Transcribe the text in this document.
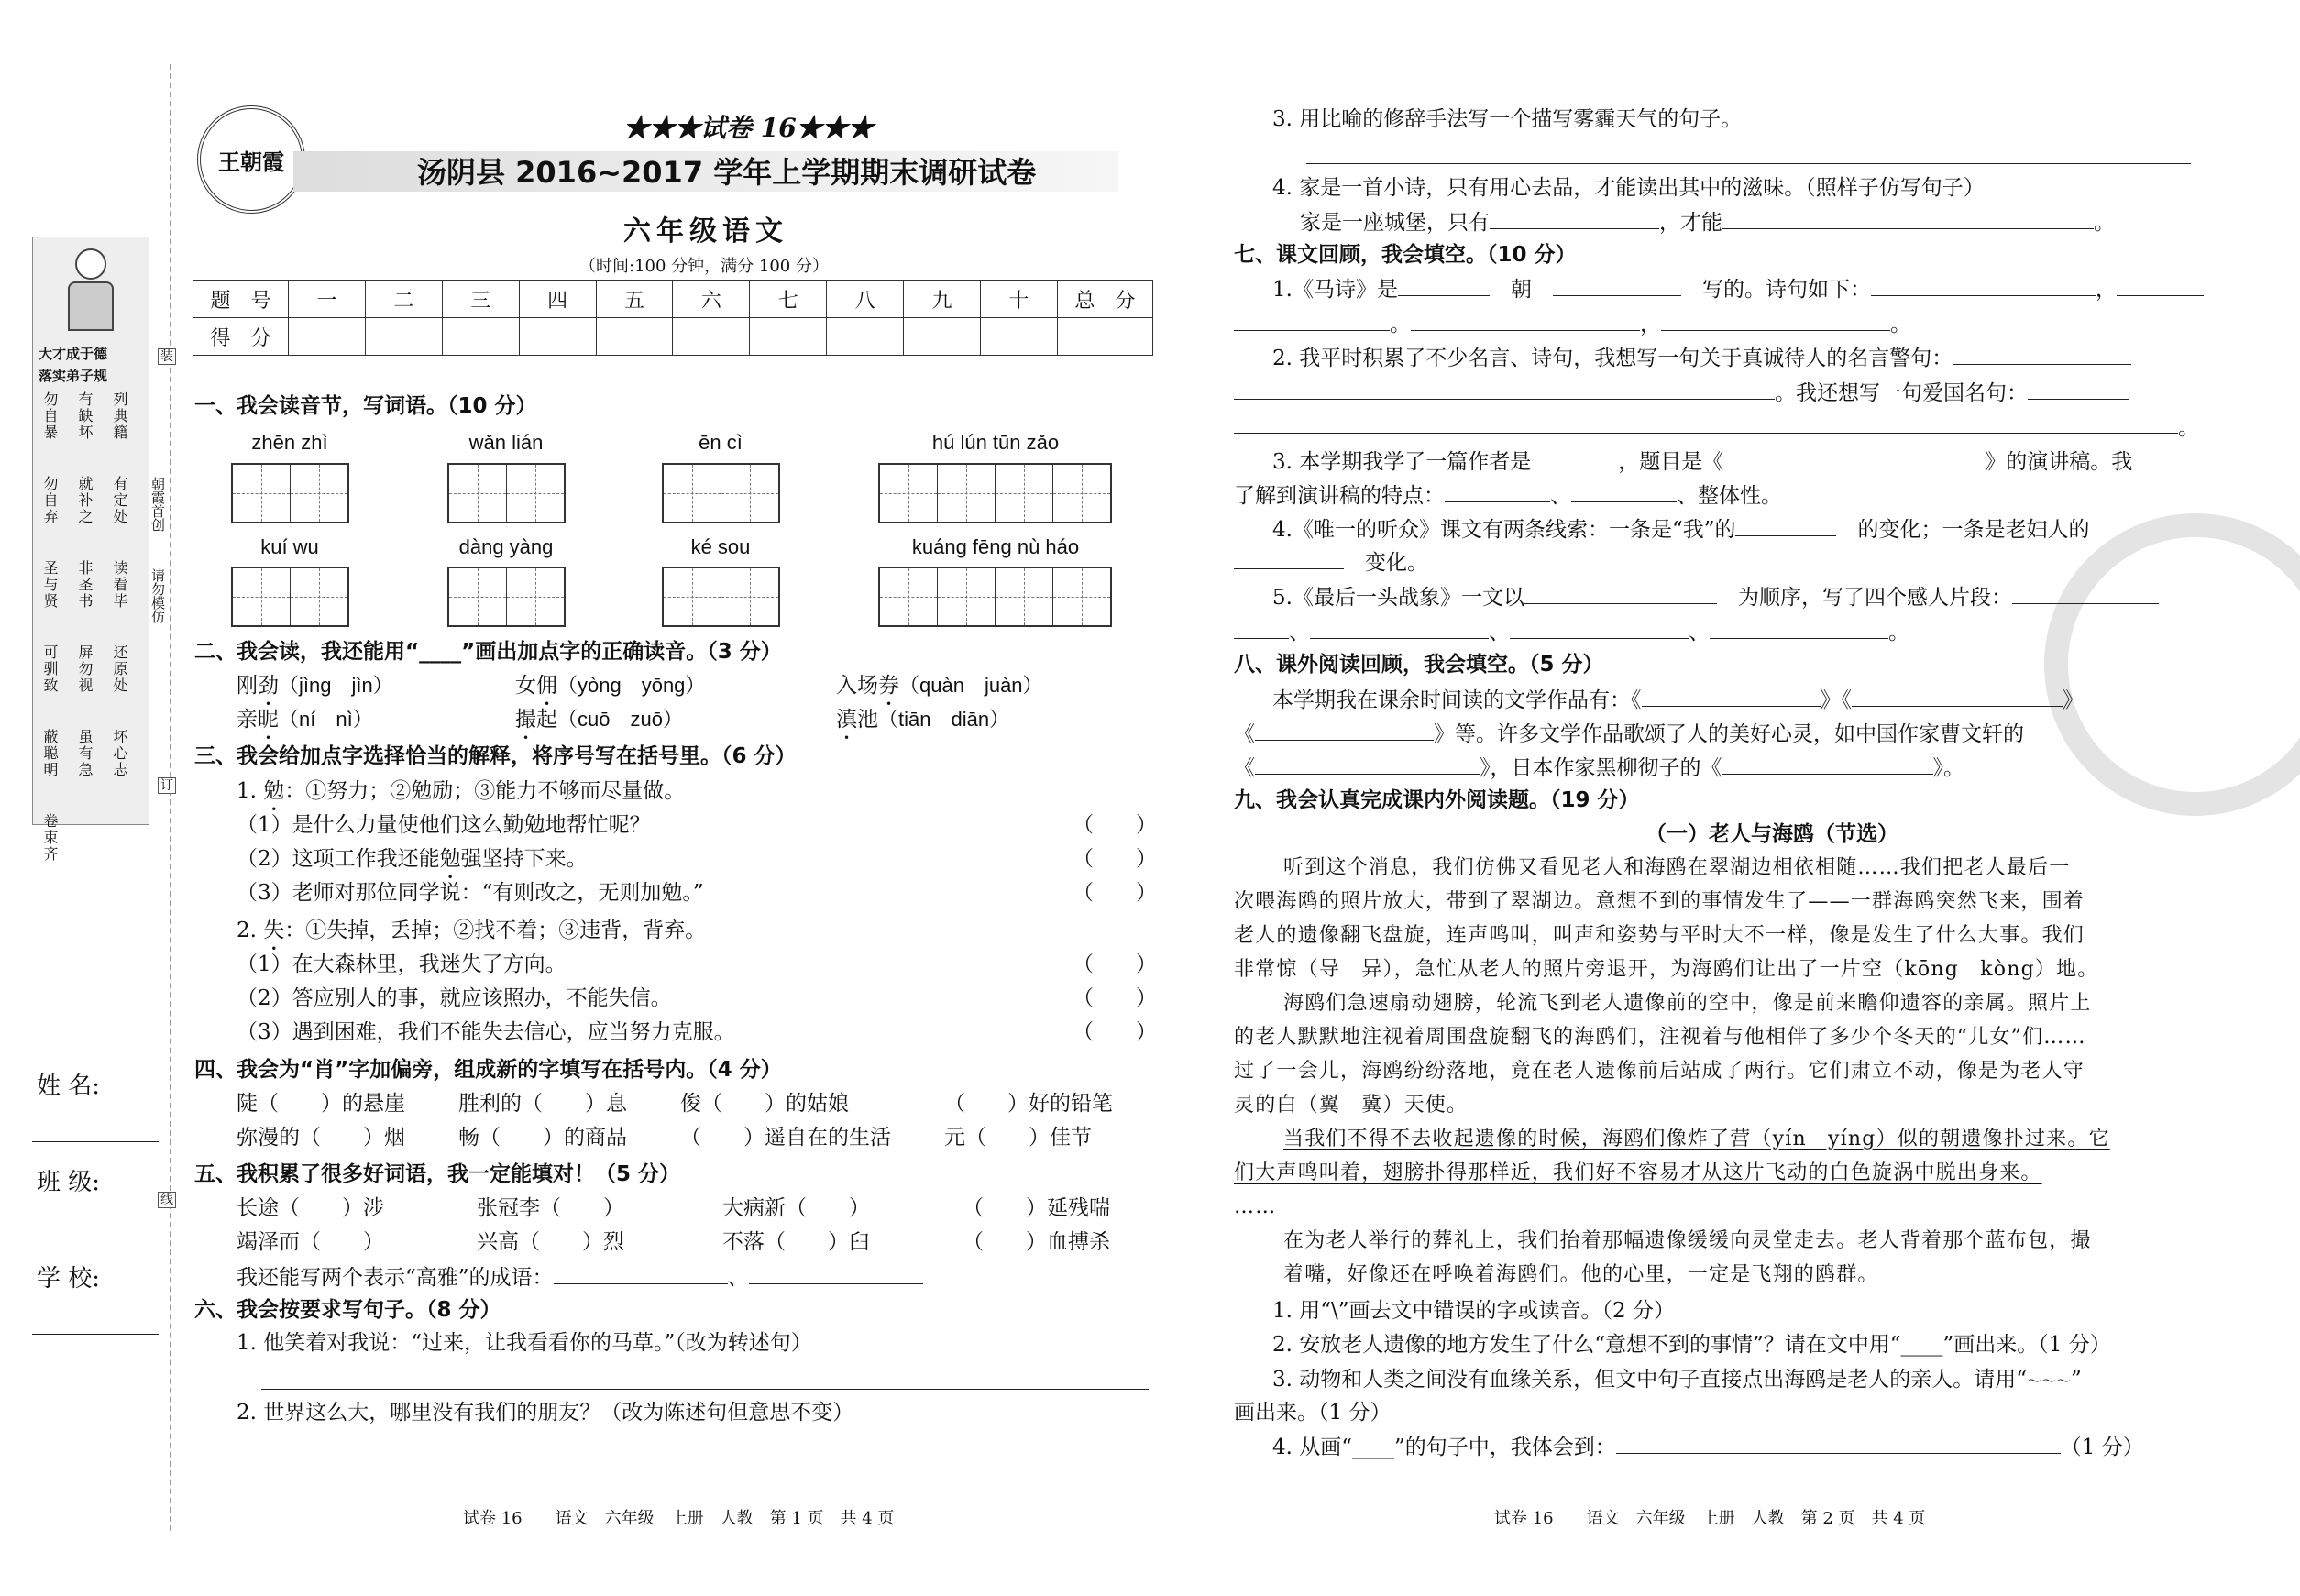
大才成于德
落实弟子规
勿自暴 有缺坏 列典籍
勿自弃 就补之 有定处
圣与贤 非圣书 读看毕
可驯致 屏勿视 还原处
蔽聪明 虽有急 坏心志
卷束齐
朝霞首创
请勿模仿
装
订
线
姓 名:
班 级:
学 校:
王朝霞
★★★试卷 16★★★
汤阴县 2016~2017 学年上学期期末调研试卷
六年级语文
（时间:100 分钟，满分 100 分）
题　号	一	二	三	四	五	六	七	八	九	十	总　分
得　分											
一、我会读音节，写词语。（10 分）
zhēn zhì	wǎn lián	ēn cì	hú lún tūn zǎo
kuí wu	dàng yàng	ké sou	kuáng fēng nù háo
二、我会读，我还能用“____”画出加点字的正确读音。（3 分）
刚劲（jìng　jìn）	女佣（yòng　yōng）	入场券（quàn　juàn）
亲昵（ní　nì）	撮起（cuō　zuō）	滇池（tiān　diān）
三、我会给加点字选择恰当的解释，将序号写在括号里。（6 分）
1. 勉：①努力；②勉励；③能力不够而尽量做。
（1）是什么力量使他们这么勤勉地帮忙呢？	（　　）
（2）这项工作我还能勉强坚持下来。	（　　）
（3）老师对那位同学说：“有则改之，无则加勉。”	（　　）
（1）在大森林里，我迷失了方向。	（　　）
（2）答应别人的事，就应该照办，不能失信。	（　　）
（3）遇到困难，我们不能失去信心，应当努力克服。	（　　）
2. 失：①失掉，丢掉；②找不着；③违背，背弃。
四、我会为“肖”字加偏旁，组成新的字填写在括号内。（4 分）
陡（　　）的悬崖	胜利的（　　）息	俊（　　）的姑娘	（　　）好的铅笔
弥漫的（　　）烟	畅（　　）的商品	（　　）遥自在的生活	元（　　）佳节
五、我积累了很多好词语，我一定能填对！（5 分）
长途（　　）涉	张冠李（　　）	大病新（　　）	（　　）延残喘
竭泽而（　　）	兴高（　　）烈	不落（　　）臼	（　　）血搏杀
我还能写两个表示“高雅”的成语：	、
六、我会按要求写句子。（8 分）
1. 他笑着对我说：“过来，让我看看你的马草。”（改为转述句）
2. 世界这么大，哪里没有我们的朋友？（改为陈述句但意思不变）
试卷 16　　语文　六年级　上册　人教　第 1 页　共 4 页
3. 用比喻的修辞手法写一个描写雾霾天气的句子。
4. 家是一首小诗，只有用心去品，才能读出其中的滋味。（照样子仿写句子）
家是一座城堡，只有	，才能	。
七、课文回顾，我会填空。（10 分）
1.《马诗》是　	朝　　	写的。诗句如下：	，
。	，	。
2. 我平时积累了不少名言、诗句，我想写一句关于真诚待人的名言警句：
。我还想写一句爱国名句：
。
3. 本学期我学了一篇作者是	，题目是《	》的演讲稿。我
了解到演讲稿的特点：	、	、整体性。
4.《唯一的听众》课文有两条线索：一条是“我”的　	的变化；一条是老妇人的
　变化。
5.《最后一头战象》一文以　	为顺序，写了四个感人片段：
、	、	、	。
八、课外阅读回顾，我会填空。（5 分）
本学期我在课余时间读的文学作品有：《	》《	》
《	》等。许多文学作品歌颂了人的美好心灵，如中国作家曹文轩的
《	》，日本作家黑柳彻子的《	》。
九、我会认真完成课内外阅读题。（19 分）
（一）老人与海鸥（节选）
听到这个消息，我们仿佛又看见老人和海鸥在翠湖边相依相随……我们把老人最后一
次喂海鸥的照片放大，带到了翠湖边。意想不到的事情发生了——一群海鸥突然飞来，围着
老人的遗像翻飞盘旋，连声鸣叫，叫声和姿势与平时大不一样，像是发生了什么大事。我们
非常惊（导　异），急忙从老人的照片旁退开，为海鸥们让出了一片空（kōng　kòng）地。
海鸥们急速扇动翅膀，轮流飞到老人遗像前的空中，像是前来瞻仰遗容的亲属。照片上
的老人默默地注视着周围盘旋翻飞的海鸥们，注视着与他相伴了多少个冬天的“儿女”们……
过了一会儿，海鸥纷纷落地，竟在老人遗像前后站成了两行。它们肃立不动，像是为老人守
灵的白（翼　冀）天使。
当我们不得不去收起遗像的时候，海鸥们像炸了营（yín　yíng）似的朝遗像扑过来。它
们大声鸣叫着，翅膀扑得那样近，我们好不容易才从这片飞动的白色旋涡中脱出身来。
……
在为老人举行的葬礼上，我们抬着那幅遗像缓缓向灵堂走去。老人背着那个蓝布包，撮
着嘴，好像还在呼唤着海鸥们。他的心里，一定是飞翔的鸥群。
1. 用“\”画去文中错误的字或读音。（2 分）
2. 安放老人遗像的地方发生了什么“意想不到的事情”？请在文中用“____”画出来。（1 分）
3. 动物和人类之间没有血缘关系，但文中句子直接点出海鸥是老人的亲人。请用“～～～”
画出来。（1 分）
4. 从画“____”的句子中，我体会到：	（1 分）
试卷 16　　语文　六年级　上册　人教　第 2 页　共 4 页
